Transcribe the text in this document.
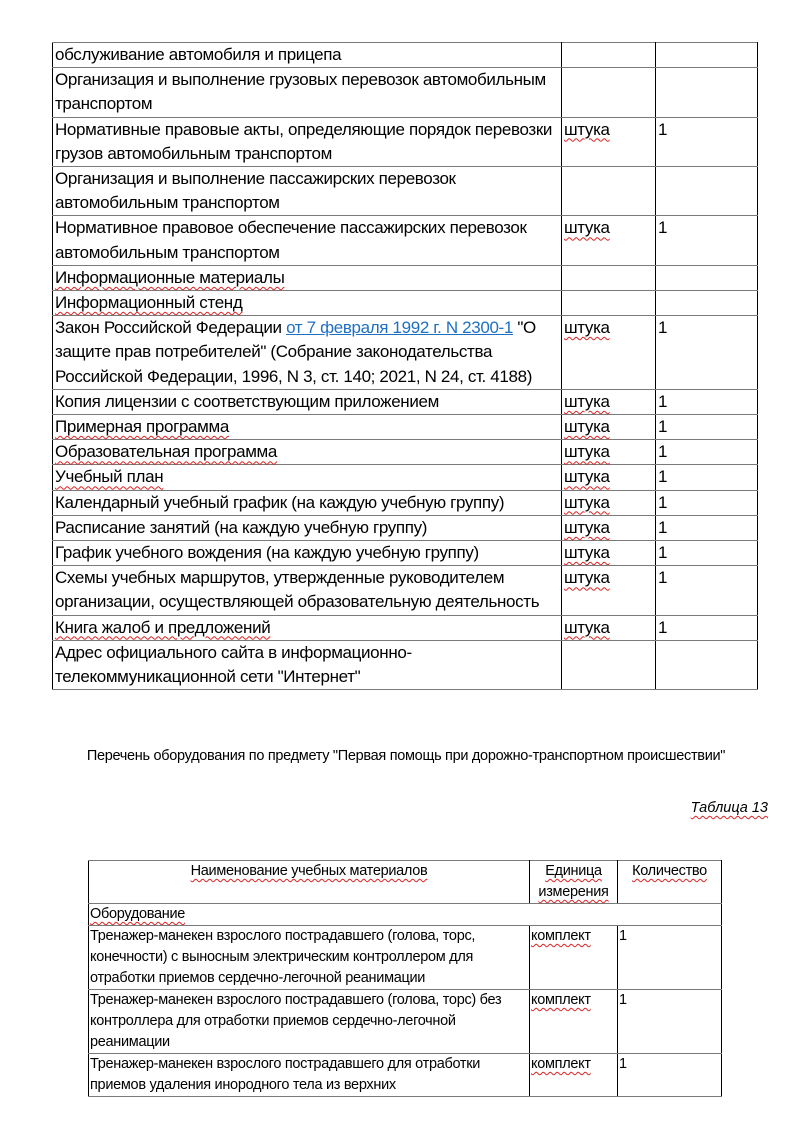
обслуживание автомобиля и прицепа		
Организация и выполнение грузовых перевозок автомобильным транспортом		
Нормативные правовые акты, определяющие порядок перевозки грузов автомобильным транспортом	штука	1
Организация и выполнение пассажирских перевозок автомобильным транспортом		
Нормативное правовое обеспечение пассажирских перевозок автомобильным транспортом	штука	1
Информационные материалы		
Информационный стенд		
Закон Российской Федерации от 7 февраля 1992 г. N 2300-1 "О защите прав потребителей" (Собрание законодательства Российской Федерации, 1996, N 3, ст. 140; 2021, N 24, ст. 4188)	штука	1
Копия лицензии с соответствующим приложением	штука	1
Примерная программа	штука	1
Образовательная программа	штука	1
Учебный план	штука	1
Календарный учебный график (на каждую учебную группу)	штука	1
Расписание занятий (на каждую учебную группу)	штука	1
График учебного вождения (на каждую учебную группу)	штука	1
Схемы учебных маршрутов, утвержденные руководителем организации, осуществляющей образовательную деятельность	штука	1
Книга жалоб и предложений	штука	1
Адрес официального сайта в информационно-телекоммуникационной сети "Интернет"		
Перечень оборудования по предмету "Первая помощь при дорожно-транспортном происшествии"
Таблица 13
Наименование учебных материалов	Единица измерения	Количество
Оборудование		
Тренажер-манекен взрослого пострадавшего (голова, торс, конечности) с выносным электрическим контроллером для отработки приемов сердечно-легочной реанимации	комплект	1
Тренажер-манекен взрослого пострадавшего (голова, торс) без контроллера для отработки приемов сердечно-легочной реанимации	комплект	1
Тренажер-манекен взрослого пострадавшего для отработки приемов удаления инородного тела из верхних	комплект	1
